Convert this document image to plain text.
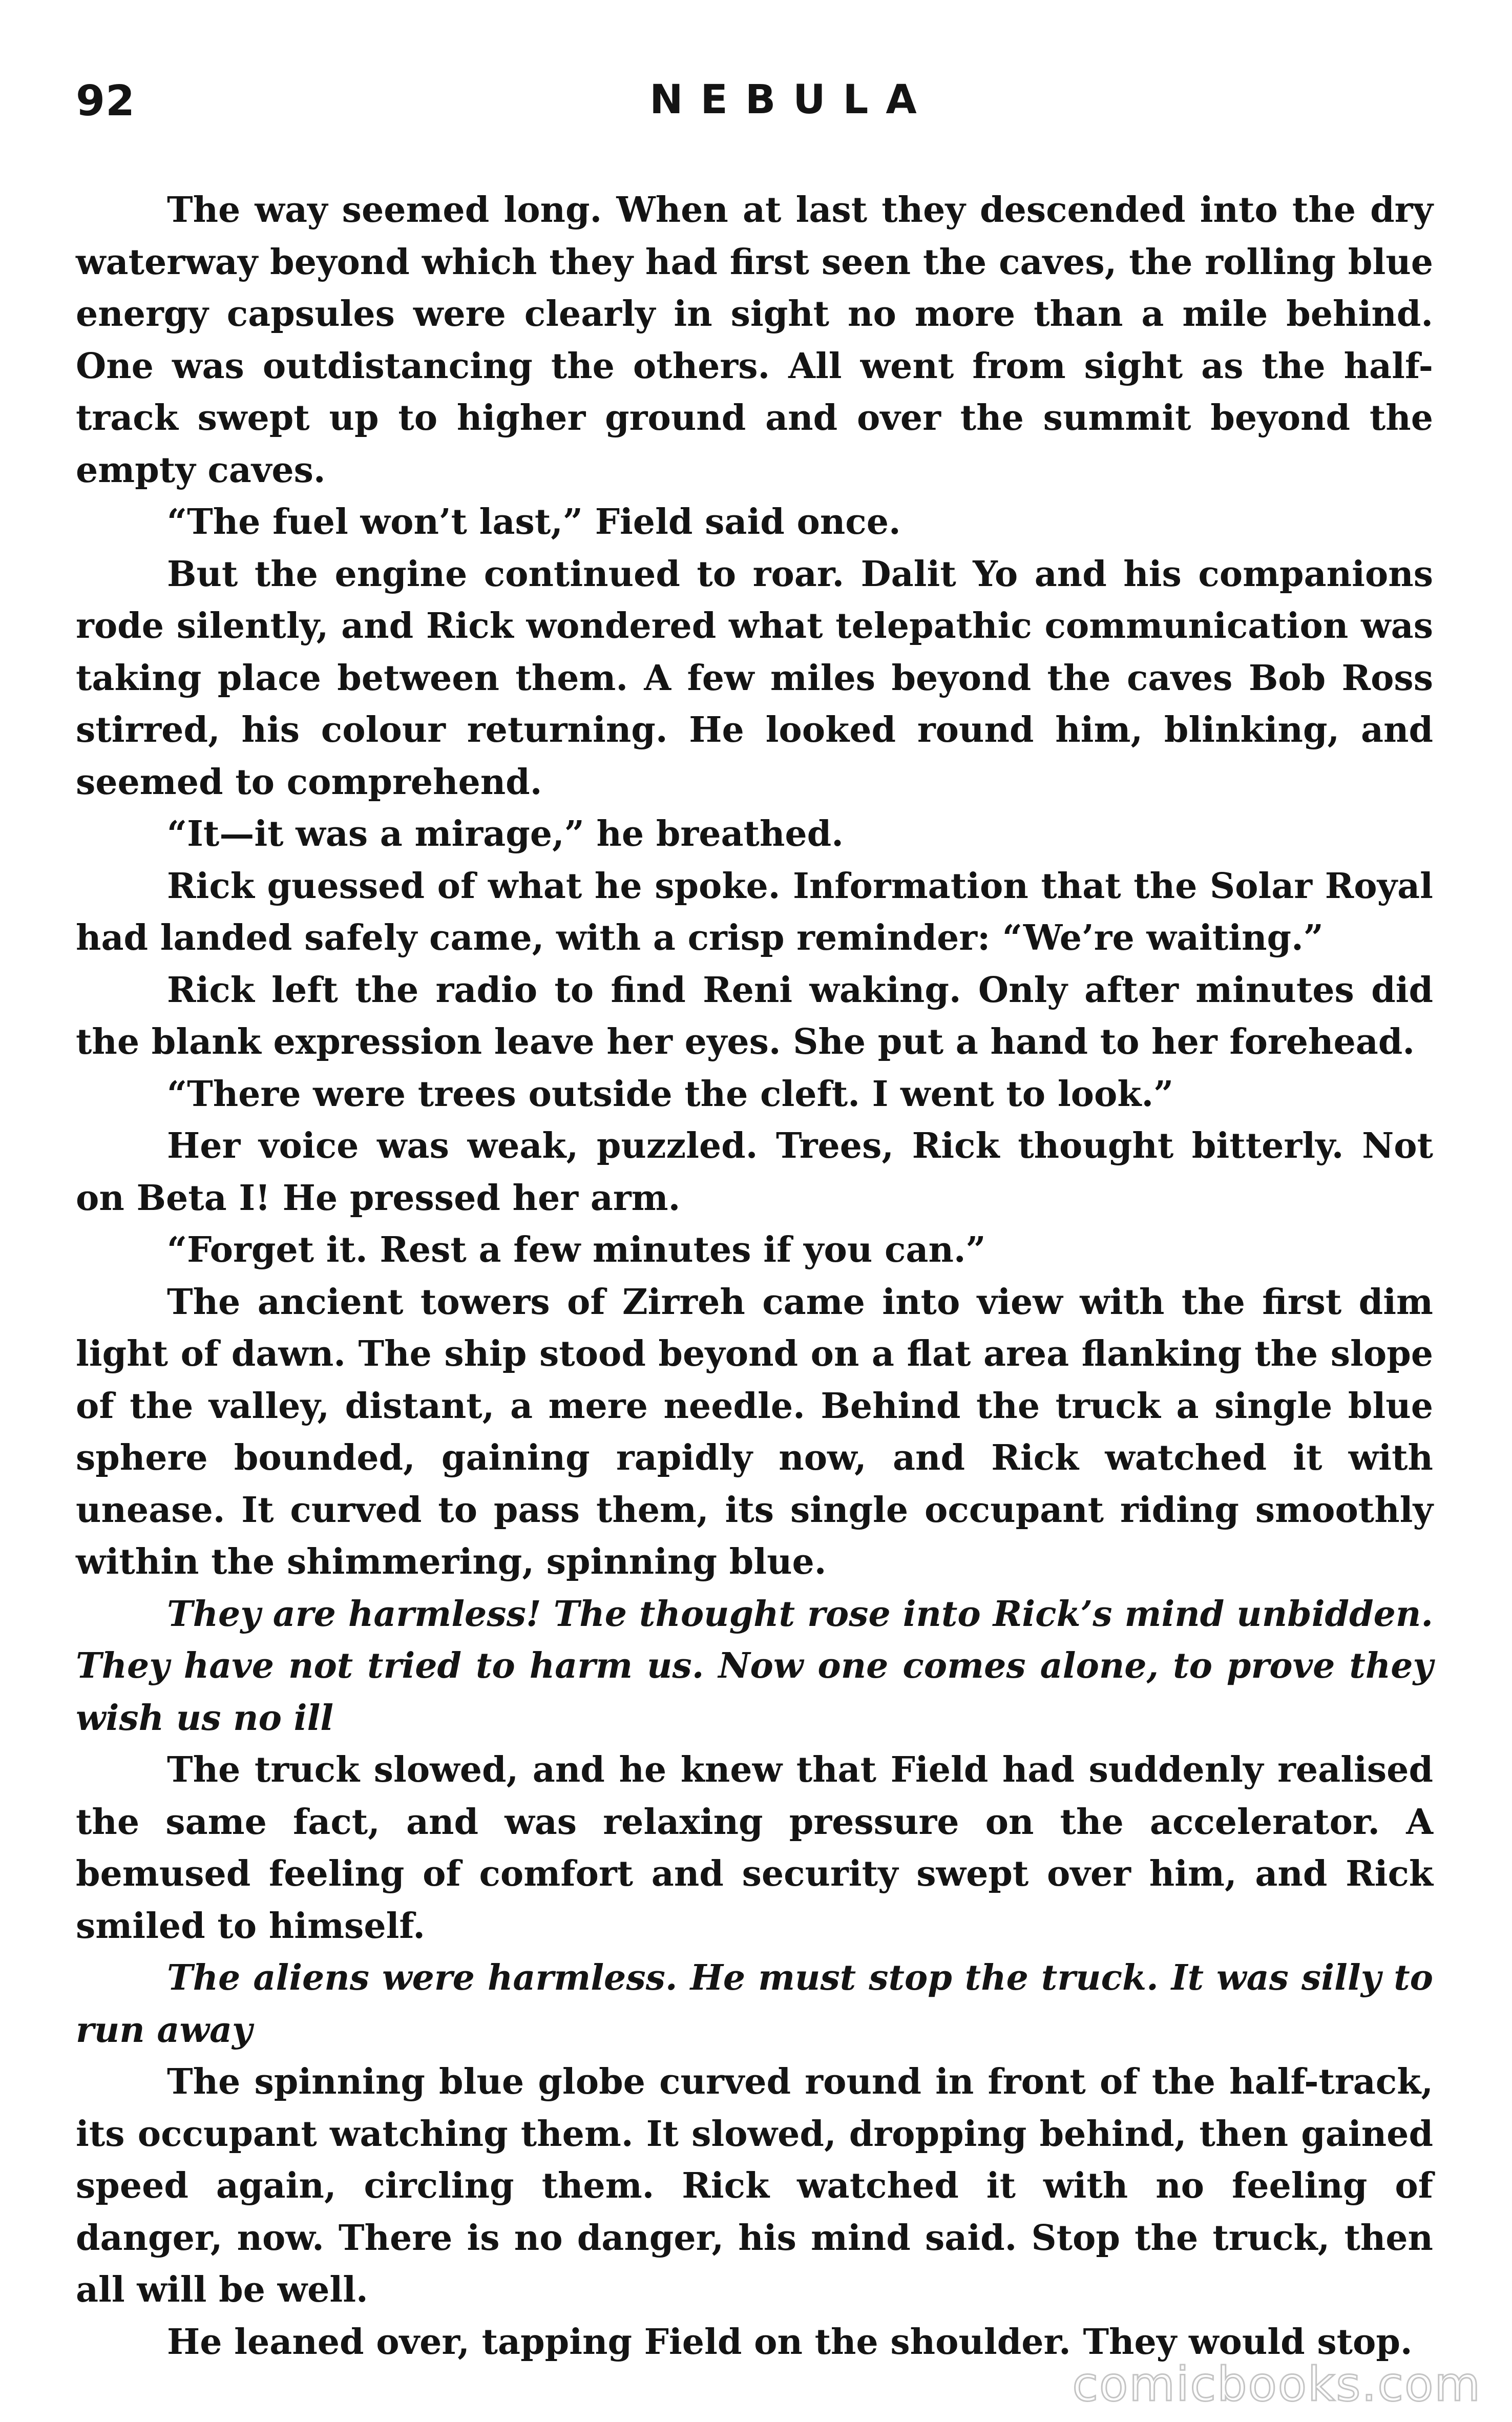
92	NEBULA

The way seemed long. When at last they descended into the dry waterway beyond which they had first seen the caves, the rolling blue energy capsules were clearly in sight no more than a mile behind. One was outdistancing the others. All went from sight as the half-track swept up to higher ground and over the summit beyond the empty caves.

“The fuel won’t last,” Field said once.

But the engine continued to roar. Dalit Yo and his companions rode silently, and Rick wondered what telepathic communication was taking place between them. A few miles beyond the caves Bob Ross stirred, his colour returning. He looked round him, blinking, and seemed to comprehend.

“It—it was a mirage,” he breathed.

Rick guessed of what he spoke. Information that the Solar Royal had landed safely came, with a crisp reminder: “We’re waiting.”

Rick left the radio to find Reni waking. Only after minutes did the blank expression leave her eyes. She put a hand to her forehead.

“There were trees outside the cleft. I went to look.”

Her voice was weak, puzzled. Trees, Rick thought bitterly. Not on Beta I! He pressed her arm.

“Forget it. Rest a few minutes if you can.”

The ancient towers of Zirreh came into view with the first dim light of dawn. The ship stood beyond on a flat area flanking the slope of the valley, distant, a mere needle. Behind the truck a single blue sphere bounded, gaining rapidly now, and Rick watched it with unease. It curved to pass them, its single occupant riding smoothly within the shimmering, spinning blue.

They are harmless! The thought rose into Rick’s mind unbidden. They have not tried to harm us. Now one comes alone, to prove they wish us no ill

The truck slowed, and he knew that Field had suddenly realised the same fact, and was relaxing pressure on the accelerator. A bemused feeling of comfort and security swept over him, and Rick smiled to himself.

The aliens were harmless. He must stop the truck. It was silly to run away

The spinning blue globe curved round in front of the half-track, its occupant watching them. It slowed, dropping behind, then gained speed again, circling them. Rick watched it with no feeling of danger, now. There is no danger, his mind said. Stop the truck, then all will be well.

He leaned over, tapping Field on the shoulder. They would stop.

comicbooks.com
